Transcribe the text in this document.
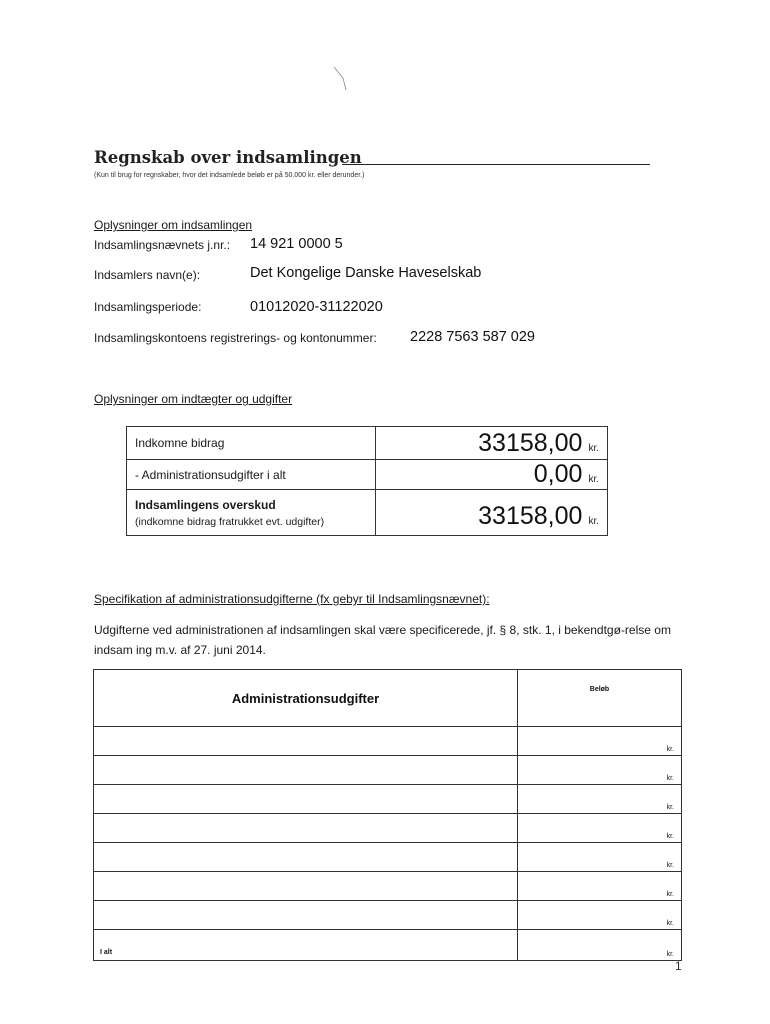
Regnskab over indsamlingen
(Kun til brug for regnskaber, hvor det indsamlede beløb er på 50.000 kr. eller derunder.)
Oplysninger om indsamlingen
Indsamlingsnævnets j.nr.: 14 921 0000 5
Indsamlers navn(e):	Det Kongelige Danske Haveselskab
Indsamlingsperiode:	01012020-31122020
Indsamlingskontoens registrerings- og kontonummer: 2228 7563 587 029
Oplysninger om indtægter og udgifter
Indkomne bidrag	33158,00 kr.
- Administrationsudgifter i alt	0,00 kr.

Indsamlingens overskud
(indkomne bidrag fratrukket evt. udgifter)	33158,00 kr.
Specifikation af administrationsudgifterne (fx gebyr til Indsamlingsnævnet):
Udgifterne ved administrationen af indsamlingen skal være specificerede, jf. § 8, stk. 1, i bekendtgø-relse om indsam ing m.v. af 27. juni 2014.
Administrationsudgifter	Beløb
	kr.
	kr.
	kr.
	kr.
	kr.
	kr.
	kr.
I alt	kr.
1
